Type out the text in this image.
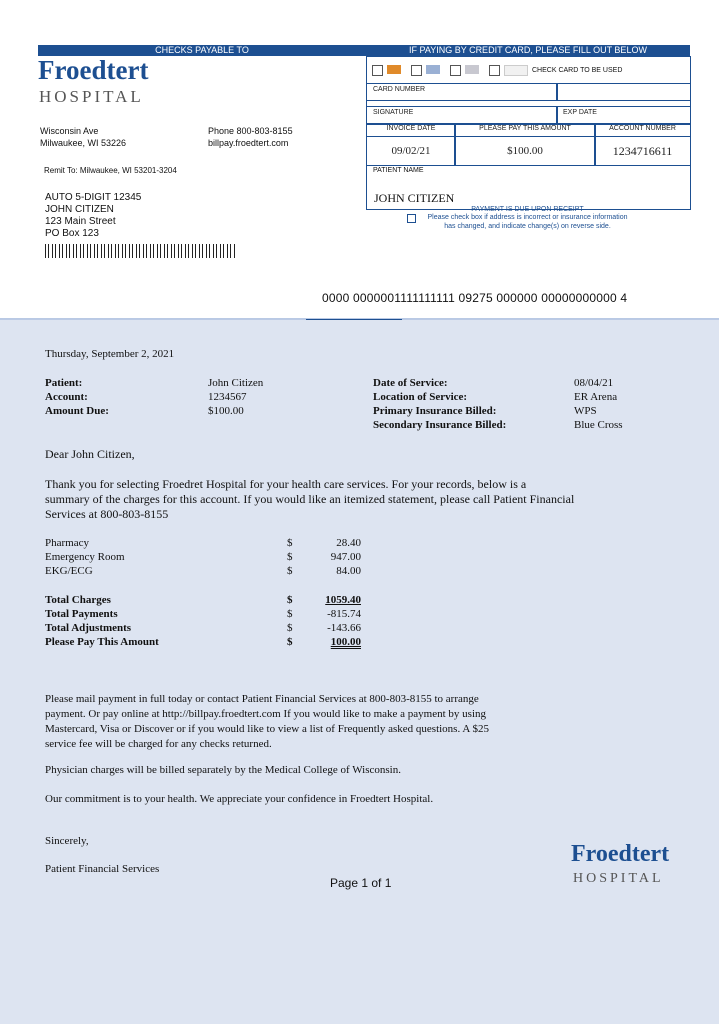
CHECKS PAYABLE TO	IF PAYING BY CREDIT CARD, PLEASE FILL OUT BELOW
Froedtert
HOSPITAL
Wisconsin Ave
Milwaukee, WI 53226
Phone 800-803-8155
billpay.froedtert.com
Remit To: Milwaukee, WI 53201-3204
CHECK CARD TO BE USED
CARD NUMBER
SIGNATURE	EXP DATE
INVOICE DATE	PLEASE PAY THIS AMOUNT	ACCOUNT NUMBER
09/02/21	$100.00	1234716611
PATIENT NAME
JOHN CITIZEN
PAYMENT IS DUE UPON RECEIPT
Please check box if address is incorrect or insurance information
has changed, and indicate change(s) on reverse side.
AUTO 5-DIGIT 12345
JOHN CITIZEN
123 Main Street
PO Box 123
0000 0000001111111111 09275 000000 00000000000 4
Thursday, September 2, 2021
Patient:	John Citizen
Account:	1234567
Amount Due:	$100.00
Date of Service:	08/04/21
Location of Service:	ER Arena
Primary Insurance Billed:	WPS
Secondary Insurance Billed:	Blue Cross
Dear John Citizen,
Thank you for selecting Froedret Hospital for your health care services. For your records, below is a
summary of the charges for this account. If you would like an itemized statement, please call Patient Financial
Services at 800-803-8155
Pharmacy	$	28.40
Emergency Room	$	947.00
EKG/ECG	$	84.00
Total Charges	$	1059.40
Total Payments	$	-815.74
Total Adjustments	$	-143.66
Please Pay This Amount	$	100.00
Please mail payment in full today or contact Patient Financial Services at 800-803-8155 to arrange
payment. Or pay online at http://billpay.froedtert.com If you would like to make a payment by using
Mastercard, Visa or Discover or if you would like to view a list of Frequently asked questions. A $25
service fee will be charged for any checks returned.
Physician charges will be billed separately by the Medical College of Wisconsin.
Our commitment is to your health. We appreciate your confidence in Froedtert Hospital.
Sincerely,
Patient Financial Services
Froedtert
HOSPITAL
Page 1 of 1
